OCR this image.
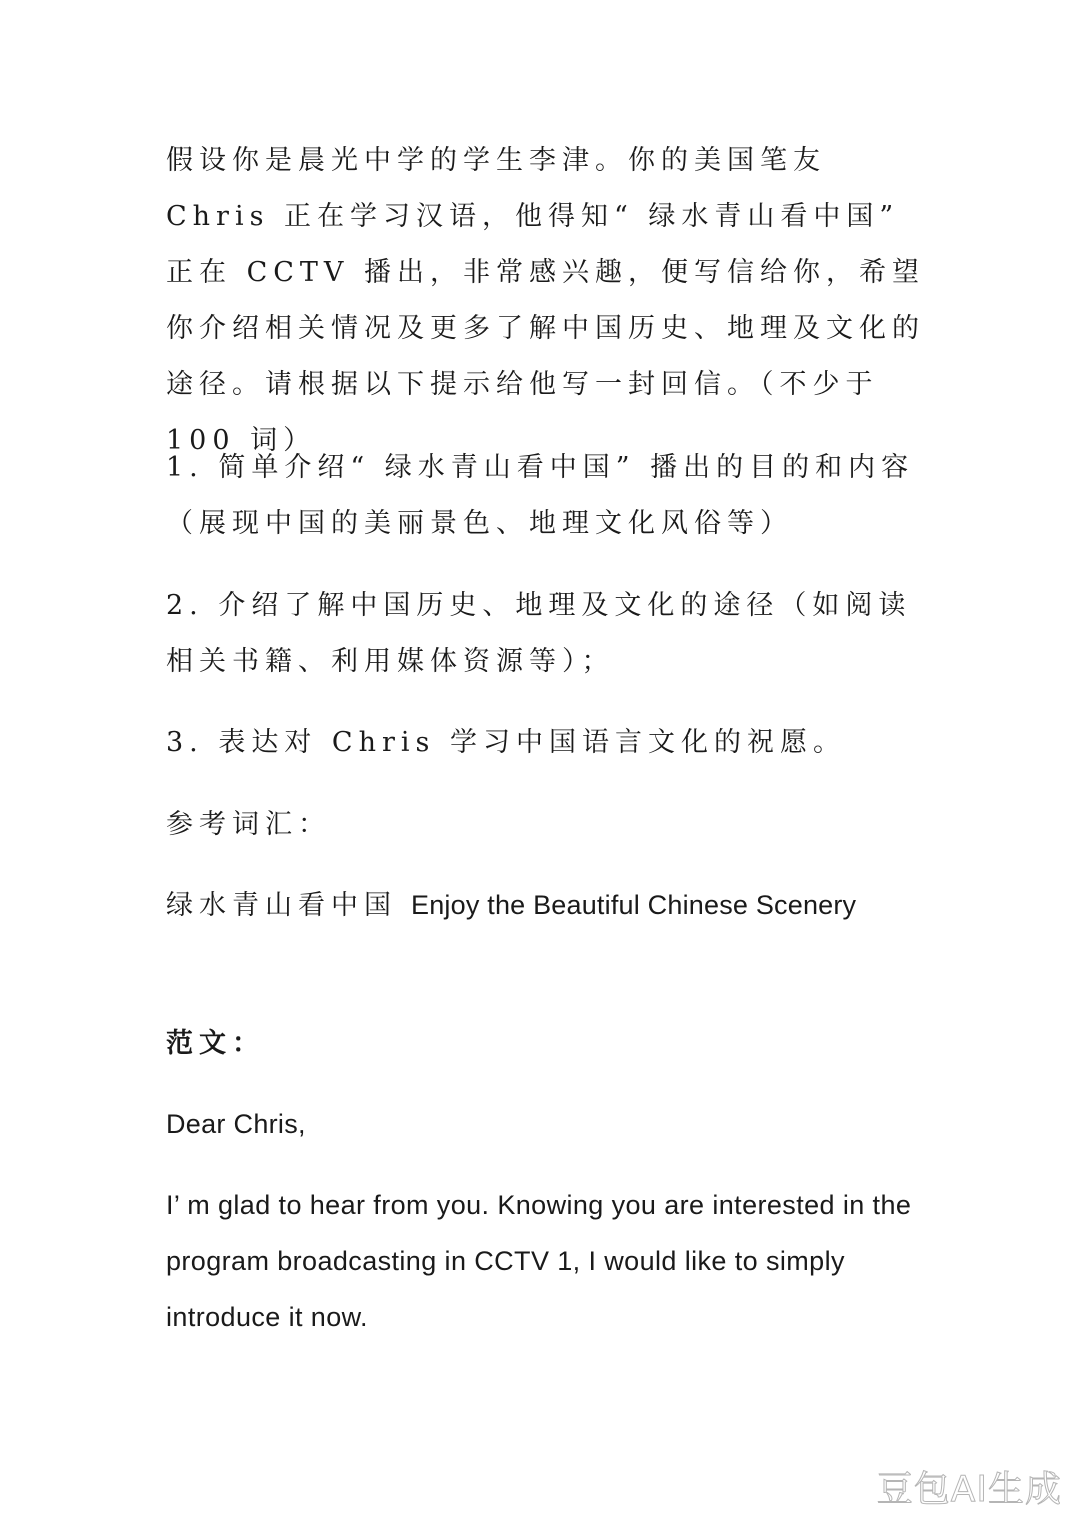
假设你是晨光中学的学生李津。你的美国笔友 Chris 正在学习汉语，他得知“ 绿水青山看中国” 正在 CCTV 播出，非常感兴趣，便写信给你，希望你介绍相关情况及更多了解中国历史、地理及文化的途径。请根据以下提示给他写一封回信。（不少于 100 词）

1. 简单介绍“ 绿水青山看中国” 播出的目的和内容（展现中国的美丽景色、地理文化风俗等）

2. 介绍了解中国历史、地理及文化的途径（如阅读相关书籍、利用媒体资源等）；

3. 表达对 Chris 学习中国语言文化的祝愿。

参考词汇：

绿水青山看中国 Enjoy the Beautiful Chinese Scenery

范文：

Dear Chris,

I’ m glad to hear from you. Knowing you are interested in the program broadcasting in CCTV 1, I would like to simply introduce it now.

豆包AI生成
